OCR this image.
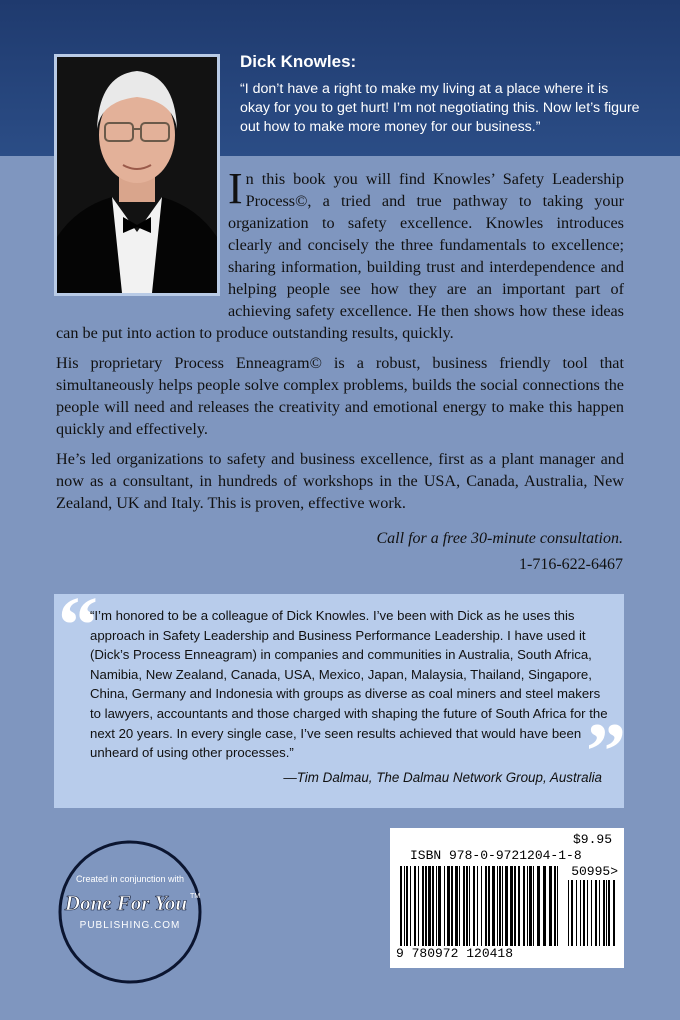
Dick Knowles:
“I don’t have a right to make my living at a place where it is okay for you to get hurt! I’m not negotiating this. Now let’s figure out how to make more money for our business.”

In this book you will find Knowles’ Safety Leadership Process©, a tried and true pathway to taking your organization to safety excellence. Knowles introduces clearly and concisely the three fundamentals to excellence; sharing information, building trust and interdependence and helping people see how they are an important part of achieving safety excellence. He then shows how these ideas can be put into action to produce outstanding results, quickly.

His proprietary Process Enneagram© is a robust, business friendly tool that simultaneously helps people solve complex problems, builds the social connections the people will need and releases the creativity and emotional energy to make this happen quickly and effectively.

He’s led organizations to safety and business excellence, first as a plant manager and now as a consultant, in hundreds of workshops in the USA, Canada, Australia, New Zealand, UK and Italy. This is proven, effective work.

Call for a free 30-minute consultation.
1-716-622-6467
“
“I’m honored to be a colleague of Dick Knowles. I’ve been with Dick as he uses this approach in Safety Leadership and Business Performance Leadership. I have used it (Dick’s Process Enneagram) in companies and communities in Australia, South Africa, Namibia, New Zealand, Canada, USA, Mexico, Japan, Malaysia, Thailand, Singapore, China, Germany and Indonesia with groups as diverse as coal miners and steel makers to lawyers, accountants and those charged with shaping the future of South Africa for the next 20 years. In every single case, I’ve seen results achieved that would have been unheard of using other processes.”	”
—Tim Dalmau, The Dalmau Network Group, Australia
Created in conjunction with
Done For You TM
PUBLISHING.COM
$9.95
ISBN 978-0-9721204-1-8
50995>
9 780972 120418
